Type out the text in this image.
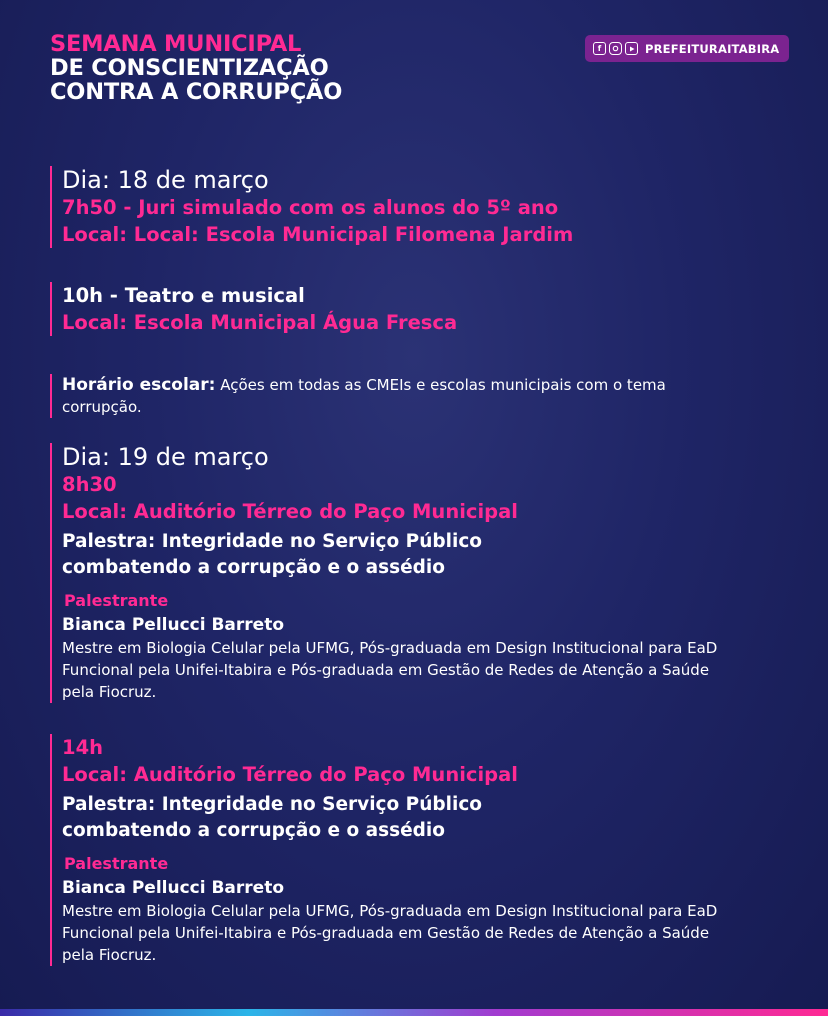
SEMANA MUNICIPAL
DE CONSCIENTIZAÇÃO
CONTRA A CORRUPÇÃO
f	PREFEITURAITABIRA
Dia: 18 de março
7h50 - Juri simulado com os alunos do 5º ano
Local: Local: Escola Municipal Filomena Jardim
10h - Teatro e musical
Local: Escola Municipal Água Fresca
Horário escolar: Ações em todas as CMEIs e escolas municipais com o tema corrupção.
Dia: 19 de março
8h30
Local: Auditório Térreo do Paço Municipal
Palestra: Integridade no Serviço Público
combatendo a corrupção e o assédio
Palestrante
Bianca Pellucci Barreto
Mestre em Biologia Celular pela UFMG, Pós-graduada em Design Institucional para EaD Funcional pela Unifei-Itabira e Pós-graduada em Gestão de Redes de Atenção a Saúde pela Fiocruz.
14h
Local: Auditório Térreo do Paço Municipal
Palestra: Integridade no Serviço Público
combatendo a corrupção e o assédio
Palestrante
Bianca Pellucci Barreto
Mestre em Biologia Celular pela UFMG, Pós-graduada em Design Institucional para EaD Funcional pela Unifei-Itabira e Pós-graduada em Gestão de Redes de Atenção a Saúde pela Fiocruz.
